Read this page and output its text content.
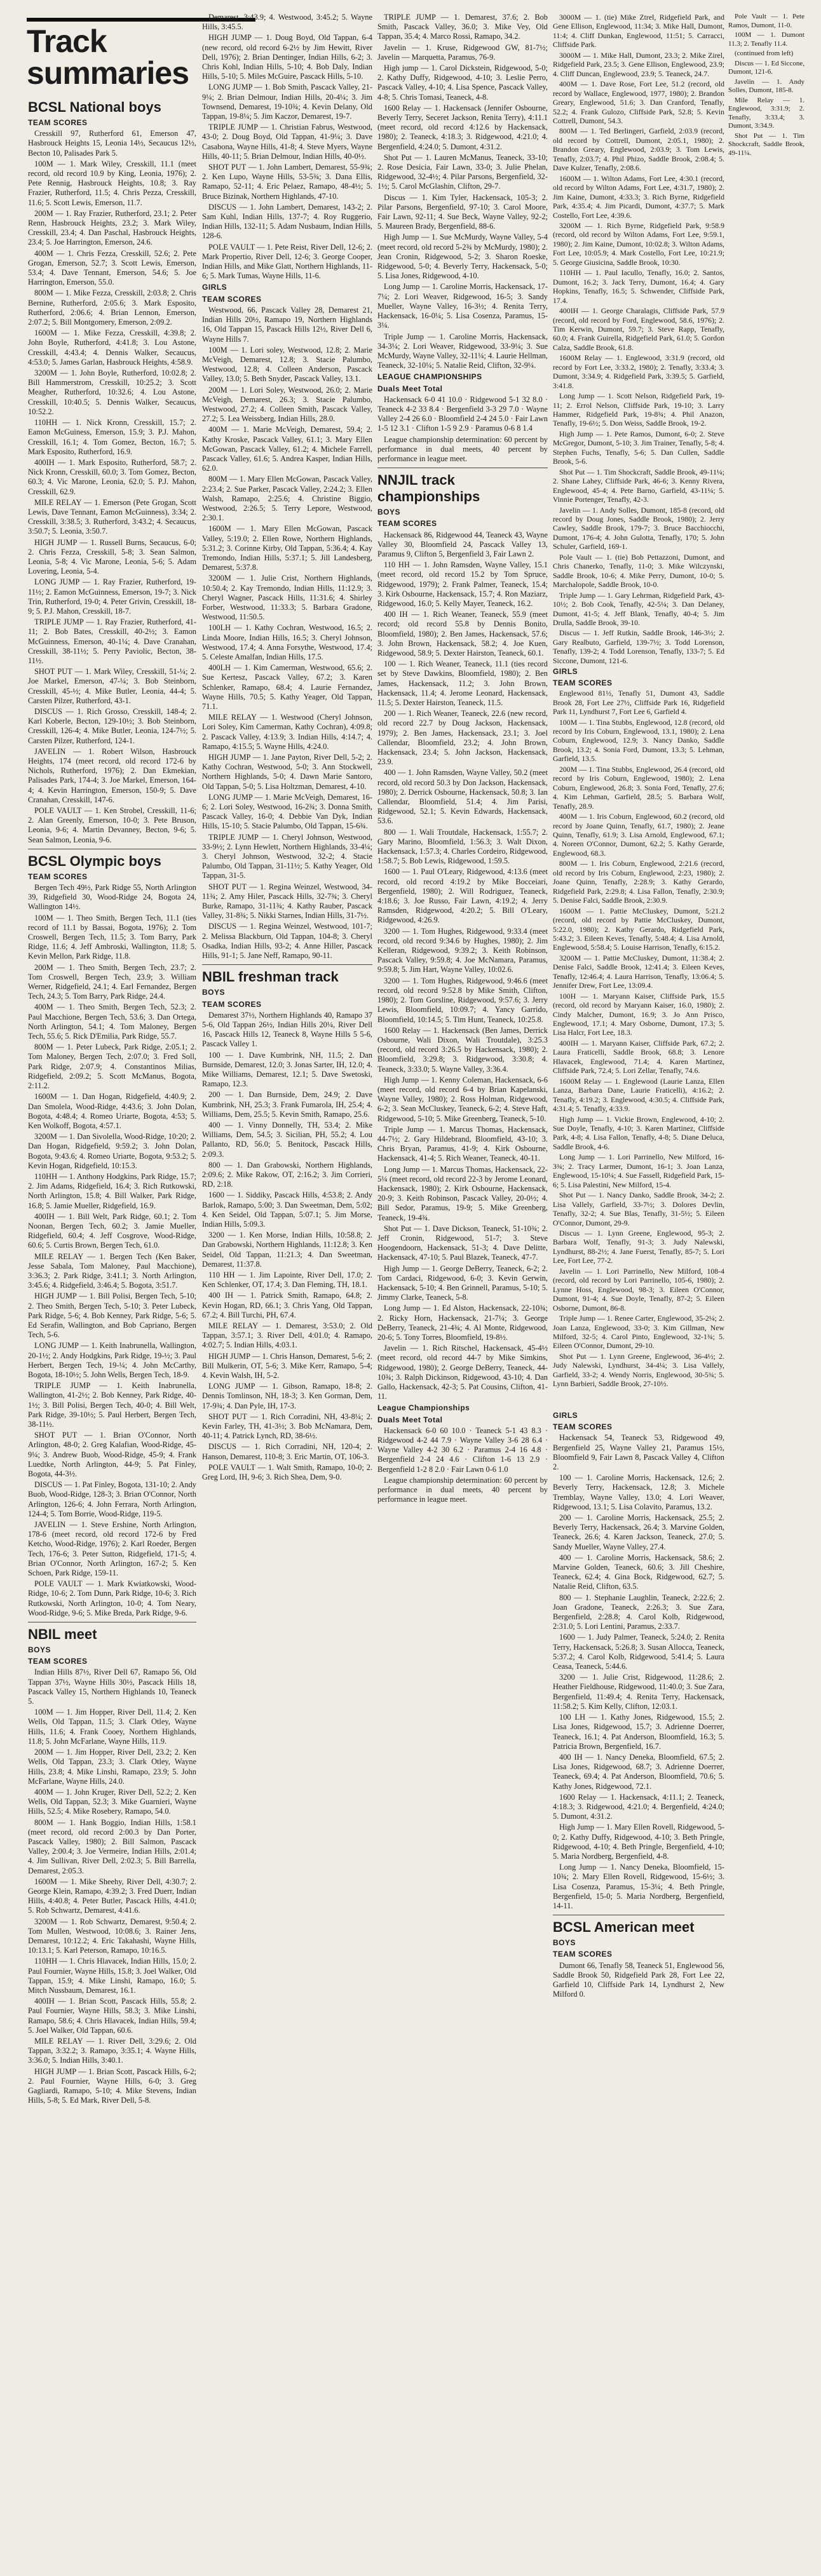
Track summaries
BCSL National boys
TEAM SCORES

Cresskill 97, Rutherford 61, Emerson 47, Hasbrouck Heights 15, Leonia 14½, Secaucus 12½, Becton 10, Palisades Park 5.

100M — 1. Mark Wiley, Cresskill, 11.1 (meet record, old record 10.9 by King, Leonia, 1976); 2. Pete Rennig, Hasbrouck Heights, 10.8; 3. Ray Frazier, Rutherford, 11.5; 4. Chris Pezza, Cresskill, 11.6; 5. Scott Lewis, Emerson, 11.7.

200M — 1. Ray Frazier, Rutherford, 23.1; 2. Peter Renn, Hasbrouck Heights, 23.2; 3. Mark Wiley, Cresskill, 23.4; 4. Dan Paschal, Hasbrouck Heights, 23.4; 5. Joe Harrington, Emerson, 24.6.

400M — 1. Chris Fezza, Cresskill, 52.6; 2. Pete Grogan, Emerson, 52.7; 3. Scott Lewis, Emerson, 53.4; 4. Dave Tennant, Emerson, 54.6; 5. Joe Harrington, Emerson, 55.0.

800M — 1. Mike Fezza, Cresskill, 2:03.8; 2. Chris Bernine, Rutherford, 2:05.6; 3. Mark Esposito, Rutherford, 2:06.6; 4. Brian Lennon, Emerson, 2:07.2; 5. Bill Montgomery, Emerson, 2:09.2.

1600M — 1. Mike Fezza, Cresskill, 4:39.8; 2. John Boyle, Rutherford, 4:41.8; 3. Lou Astone, Cresskill, 4:43.4; 4. Dennis Walker, Secaucus, 4:53.0; 5. James Garlan, Hasbrouck Heights, 4:58.9.

3200M — 1. John Boyle, Rutherford, 10:02.8; 2. Bill Hammerstrom, Cresskill, 10:25.2; 3. Scott Meagher, Rutherford, 10:32.6; 4. Lou Astone, Cresskill, 10:40.5; 5. Dennis Walker, Secaucus, 10:52.2.

110HH — 1. Nick Kronn, Cresskill, 15.7; 2. Eamon McGuiness, Emerson, 15.9; 3. P.J. Mahon, Cresskill, 16.1; 4. Tom Gomez, Becton, 16.7; 5. Mark Esposito, Rutherford, 16.9.

400IH — 1. Mark Esposito, Rutherford, 58.7; 2. Nick Kronn, Cresskill, 60.0; 3. Tom Gomez, Becton, 60.3; 4. Vic Marone, Leonia, 62.0; 5. P.J. Mahon, Cresskill, 62.9.

MILE RELAY — 1. Emerson (Pete Grogan, Scott Lewis, Dave Tennant, Eamon McGuinness), 3:34; 2. Cresskill, 3:38.5; 3. Rutherford, 3:43.2; 4. Secaucus, 3:50.7; 5. Leonia, 3:50.7.

HIGH JUMP — 1. Russell Burns, Secaucus, 6-0; 2. Chris Fezza, Cresskill, 5-8; 3. Sean Salmon, Leonia, 5-8; 4. Vic Marone, Leonia, 5-6; 5. Adam Lovering, Leonia, 5-4.

LONG JUMP — 1. Ray Frazier, Rutherford, 19-11½; 2. Eamon McGuinness, Emerson, 19-7; 3. Nick Trin, Rutherford, 19-0; 4. Peter Grivin, Cresskill, 18-9; 5. P.J. Mahon, Cresskill, 18-7.

TRIPLE JUMP — 1. Ray Frazier, Rutherford, 41-11; 2. Bob Bates, Cresskill, 40-2½; 3. Eamon McGuinness, Emerson, 40-1¼; 4. Dave Cranahan, Cresskill, 38-11½; 5. Perry Paviolic, Becton, 38-11½.

SHOT PUT — 1. Mark Wiley, Cresskill, 51-¼; 2. Joe Markel, Emerson, 47-¼; 3. Bob Steinborn, Cresskill, 45-½; 4. Mike Butler, Leonia, 44-4; 5. Carsten Pilzer, Rutherford, 43-1.

DISCUS — 1. Rich Grosso, Cresskill, 148-4; 2. Karl Koberle, Becton, 129-10½; 3. Bob Steinborn, Cresskill, 126-4; 4. Mike Butler, Leonia, 124-7½; 5. Carsten Pilzer, Rutherford, 124-1.

JAVELIN — 1. Robert Wilson, Hasbrouck Heights, 174 (meet record, old record 172-6 by Nichols, Rutherford, 1976); 2. Dan Ekmekian, Palisades Park, 174-4; 3. Joe Markel, Emerson, 164-4; 4. Kevin Harrington, Emerson, 150-9; 5. Dave Cranahan, Cresskill, 147-6.

POLE VAULT — 1. Ken Strobel, Cresskill, 11-6; 2. Alan Greenly, Emerson, 10-0; 3. Pete Bruson, Leonia, 9-6; 4. Martin Devanney, Becton, 9-6; 5. Sean Salmon, Leonia, 9-6.

BCSL Olympic boys
TEAM SCORES

Bergen Tech 49½, Park Ridge 55, North Arlington 39, Ridgefield 30, Wood-Ridge 24, Bogota 24, Wallington 14½.

100M — 1. Theo Smith, Bergen Tech, 11.1 (ties record of 11.1 by Bassai, Bogota, 1976); 2. Tom Croswell, Bergen Tech, 11.5; 3. Tom Barry, Park Ridge, 11.6; 4. Jeff Ambroski, Wallington, 11.8; 5. Kevin Mellon, Park Ridge, 11.8.

200M — 1. Theo Smith, Bergen Tech, 23.7; 2. Tom Croswell, Bergen Tech, 23.9; 3. William Werner, Ridgefield, 24.1; 4. Earl Fernandez, Bergen Tech, 24.3; 5. Tom Barry, Park Ridge, 24.4.

400M — 1. Theo Smith, Bergen Tech, 52.3; 2. Paul Macchione, Bergen Tech, 53.6; 3. Dan Ortega, North Arlington, 54.1; 4. Tom Maloney, Bergen Tech, 55.6; 5. Rick D'Emilia, Park Ridge, 55.7.

800M — 1. Peter Lubeck, Park Ridge, 2:05.1; 2. Tom Maloney, Bergen Tech, 2:07.0; 3. Fred Soll, Park Ridge, 2:07.9; 4. Constantinos Milias, Ridgefield, 2:09.2; 5. Scott McManus, Bogota, 2:11.2.

1600M — 1. Dan Hogan, Ridgefield, 4:40.9; 2. Dan Smolela, Wood-Ridge, 4:43.6; 3. John Dolan, Bogota, 4:48.4; 4. Romeo Uriarte, Bogota, 4:53; 5. Ken Wolkoff, Bogota, 4:57.1.

3200M — 1. Dan Sivolella, Wood-Ridge, 10:20; 2. Dan Hogan, Ridgefield, 9:59.2; 3. John Dolan, Bogota, 9:43.6; 4. Romeo Uriarte, Bogota, 9:53.2; 5. Kevin Hogan, Ridgefield, 10:15.3.

110HH — 1. Anthony Hodgkins, Park Ridge, 15.7; 2. Jim Adams, Ridgefield, 16.4; 3. Rich Rutkowski, North Arlington, 15.8; 4. Bill Walker, Park Ridge, 16.8; 5. Jamie Mueller, Ridgefield, 16.9.

400IH — 1. Bill Welt, Park Ridge, 60.1; 2. Tom Noonan, Bergen Tech, 60.2; 3. Jamie Mueller, Ridgefield, 60.4; 4. Jeff Cosgrove, Wood-Ridge, 60.6; 5. Curtis Brown, Bergen Tech, 61.0.

MILE RELAY — 1. Bergen Tech (Ken Baker, Jesse Sabala, Tom Maloney, Paul Macchione), 3:36.3; 2. Park Ridge, 3:41.1; 3. North Arlington, 3:45.6; 4. Ridgefield, 3:46.4; 5. Bogota, 3:51.7.

HIGH JUMP — 1. Bill Polisi, Bergen Tech, 5-10; 2. Theo Smith, Bergen Tech, 5-10; 3. Peter Lubeck, Park Ridge, 5-6; 4. Bob Kenney, Park Ridge, 5-6; 5. Ed Serafin, Wallington, and Bob Capriano, Bergen Tech, 5-6.

LONG JUMP — 1. Keith Inabrunella, Wallington, 20-1½; 2. Andy Hodgkins, Park Ridge, 19-½; 3. Paul Herbert, Bergen Tech, 19-¼; 4. John McCarthy, Bogota, 18-10½; 5. John Wells, Bergen Tech, 18-9.

TRIPLE JUMP — 1. Keith Inabrunella, Wallington, 41-2½; 2. Bob Kenney, Park Ridge, 40-1½; 3. Bill Polisi, Bergen Tech, 40-0; 4. Bill Welt, Park Ridge, 39-10½; 5. Paul Herbert, Bergen Tech, 38-11½.

SHOT PUT — 1. Brian O'Connor, North Arlington, 48-0; 2. Greg Kalafian, Wood-Ridge, 45-9¼; 3. Andrew Buob, Wood-Ridge, 45-9; 4. Frank Luedtke, North Arlington, 44-9; 5. Pat Finley, Bogota, 44-3½.

DISCUS — 1. Pat Finley, Bogota, 131-10; 2. Andy Buob, Wood-Ridge, 128-3; 3. Brian O'Connor, North Arlington, 126-6; 4. John Ferrara, North Arlington, 124-4; 5. Tom Borrie, Wood-Ridge, 119-5.

JAVELIN — 1. Steve Ershine, North Arlington, 178-6 (meet record, old record 172-6 by Fred Ketcho, Wood-Ridge, 1976); 2. Karl Roeder, Bergen Tech, 176-6; 3. Peter Sutton, Ridgefield, 171-5; 4. Brian O'Connor, North Arlington, 167-2; 5. Ken Schoen, Park Ridge, 159-11.

POLE VAULT — 1. Mark Kwiatkowski, Wood-Ridge, 10-6; 2. Tom Dunn, Park Ridge, 10-6; 3. Rich Rutkowski, North Arlington, 10-0; 4. Tom Neary, Wood-Ridge, 9-6; 5. Mike Breda, Park Ridge, 9-6.

NBIL meet
BOYS
TEAM SCORES

Indian Hills 87½, River Dell 67, Ramapo 56, Old Tappan 37½, Wayne Hills 30½, Pascack Hills 18, Pascack Valley 15, Northern Highlands 10, Teaneck 5.

100M — 1. Jim Hopper, River Dell, 11.4; 2. Ken Wells, Old Tappan, 11.5; 3. Clark Otley, Wayne Hills, 11.6; 4. Frank Cooey, Northern Highlands, 11.8; 5. John McFarlane, Wayne Hills, 11.9.

200M — 1. Jim Hopper, River Dell, 23.2; 2. Ken Wells, Old Tappan, 23.3; 3. Clark Otley, Wayne Hills, 23.8; 4. Mike Linshi, Ramapo, 23.9; 5. John McFarlane, Wayne Hills, 24.0.

400M — 1. John Kruger, River Dell, 52.2; 2. Ken Wells, Old Tappan, 52.3; 3. Mike Guarnieri, Wayne Hills, 52.5; 4. Mike Rosebery, Ramapo, 54.0.

800M — 1. Hank Boggio, Indian Hills, 1:58.1 (meet record, old record 2:00.3 by Dan Porter, Pascack Valley, 1980); 2. Bill Salmon, Pascack Valley, 2:00.4; 3. Joe Vermeire, Indian Hills, 2:01.4; 4. Jim Sullivan, River Dell, 2:02.3; 5. Bill Barrella, Demarest, 2:05.3.

1600M — 1. Mike Sheehy, River Dell, 4:30.7; 2. George Klein, Ramapo, 4:39.2; 3. Fred Duerr, Indian Hills, 4:40.8; 4. Peter Butler, Pascack Hills, 4:41.0; 5. Rob Schwartz, Demarest, 4:41.6.

3200M — 1. Rob Schwartz, Demarest, 9:50.4; 2. Tom Mullen, Westwood, 10:08.6; 3. Rainer Jens, Demarest, 10:12.2; 4. Eric Takahashi, Wayne Hills, 10:13.1; 5. Karl Peterson, Ramapo, 10:16.5.

110HH — 1. Chris Hlavacek, Indian Hills, 15.0; 2. Paul Fournier, Wayne Hills, 15.8; 3. Joel Walker, Old Tappan, 15.9; 4. Mike Linshi, Ramapo, 16.0; 5. Mitch Nussbaum, Demarest, 16.1.

400IH — 1. Brian Scott, Pascack Hills, 55.8; 2. Paul Fournier, Wayne Hills, 58.3; 3. Mike Linshi, Ramapo, 58.6; 4. Chris Hlavacek, Indian Hills, 59.4; 5. Joel Walker, Old Tappan, 60.6.

MILE RELAY — 1. River Dell, 3:29.6; 2. Old Tappan, 3:32.2; 3. Ramapo, 3:35.1; 4. Wayne Hills, 3:36.0; 5. Indian Hills, 3:40.1.

HIGH JUMP — 1. Brian Scott, Pascack Hills, 6-2; 2. Paul Fournier, Wayne Hills, 6-0; 3. Greg Gagliardi, Ramapo, 5-10; 4. Mike Stevens, Indian Hills, 5-8; 5. Ed Mark, River Dell, 5-8.

Demarest, 3:43.9; 4. Westwood, 3:45.2; 5. Wayne Hills, 3:45.5.

HIGH JUMP — 1. Doug Boyd, Old Tappan, 6-4 (new record, old record 6-2½ by Jim Hewitt, River Dell, 1976); 2. Brian Dentinger, Indian Hills, 6-2; 3. Chris Kohl, Indian Hills, 5-10; 4. Bob Daly, Indian Hills, 5-10; 5. Miles McGuire, Pascack Hills, 5-10.

LONG JUMP — 1. Bob Smith, Pascack Valley, 21-9¼; 2. Brian Delmour, Indian Hills, 20-4¼; 3. Jim Townsend, Demarest, 19-10¾; 4. Kevin Delany, Old Tappan, 19-8¼; 5. Jim Kaczor, Demarest, 19-7.

TRIPLE JUMP — 1. Christian Fabrus, Westwood, 43-0; 2. Doug Boyd, Old Tappan, 41-9¼; 3. Dave Casabona, Wayne Hills, 41-8; 4. Steve Myers, Wayne Hills, 40-11; 5. Brian Delmour, Indian Hills, 40-0½.

SHOT PUT — 1. John Lambert, Demarest, 55-9¾; 2. Ken Lupo, Wayne Hills, 53-5¾; 3. Dana Ellis, Ramapo, 52-11; 4. Eric Pelaez, Ramapo, 48-4½; 5. Bruce Bizinak, Northern Highlands, 47-10.

DISCUS — 1. John Lambert, Demarest, 143-2; 2. Sam Kuhl, Indian Hills, 137-7; 4. Roy Ruggerio, Indian Hills, 132-11; 5. Adam Nusbaum, Indian Hills, 128-6.

POLE VAULT — 1. Pete Reist, River Dell, 12-6; 2. Mark Propertio, River Dell, 12-6; 3. George Cooper, Indian Hills, and Mike Glatt, Northern Highlands, 11-6; 5. Mark Tumas, Wayne Hills, 11-6.

GIRLS
TEAM SCORES

Westwood, 66, Pascack Valley 28, Demarest 21, Indian Hills 20½, Ramapo 19, Northern Highlands 16, Old Tappan 15, Pascack Hills 12½, River Dell 6, Wayne Hills 7.

100M — 1. Lori soley, Westwood, 12.8; 2. Marie McVeigh, Demarest, 12.8; 3. Stacie Palumbo, Westwood, 12.8; 4. Colleen Anderson, Pascack Valley, 13.0; 5. Beth Snyder, Pascack Valley, 13.1.

200M — 1. Lori Soley, Westwood, 26.0; 2. Marie McVeigh, Demarest, 26.3; 3. Stacie Palumbo, Westwood, 27.2; 4. Colleen Smith, Pascack Valley, 27.2; 5. Lea Weissberg, Indian Hills, 28.0.

400M — 1. Marie McVeigh, Demarest, 59.4; 2. Kathy Kroske, Pascack Valley, 61.1; 3. Mary Ellen McGowan, Pascack Valley, 61.2; 4. Michele Farrell, Pascack Valley, 61.6; 5. Andrea Kasper, Indian Hills, 62.0.

800M — 1. Mary Ellen McGowan, Pascack Valley, 2:23.4; 2. Sue Parker, Pascack Valley, 2:24.2; 3. Ellen Walsh, Ramapo, 2:25.6; 4. Christine Biggio, Westwood, 2:26.5; 5. Terry Lepore, Westwood, 2:30.1.

1600M — 1. Mary Ellen McGowan, Pascack Valley, 5:19.0; 2. Ellen Rowe, Northern Highlands, 5:31.2; 3. Corinne Kirby, Old Tappan, 5:36.4; 4. Kay Tremondo, Indian Hills, 5:37.1; 5. Jill Landesberg, Demarest, 5:37.8.

3200M — 1. Julie Crist, Northern Highlands, 10:50.4; 2. Kay Tremondo, Indian Hills, 11:12.9; 3. Cheryl Wagner, Pascack Hills, 11:31.6; 4. Shirley Forber, Westwood, 11:33.3; 5. Barbara Gradone, Westwood, 11:50.5.

100LH — 1. Kathy Cochran, Westwood, 16.5; 2. Linda Moore, Indian Hills, 16.5; 3. Cheryl Johnson, Westwood, 17.4; 4. Anna Forsythe, Westwood, 17.4; 5. Celeste Amalfan, Indian Hills, 17.5.

400LH — 1. Kim Camerman, Westwood, 65.6; 2. Sue Kertesz, Pascack Valley, 67.2; 3. Karen Schlenker, Ramapo, 68.4; 4. Laurie Fernandez, Wayne Hills, 70.5; 5. Kathy Yeager, Old Tappan, 71.1.

MILE RELAY — 1. Westwood (Cheryl Johnson, Lori Soley, Kim Camerman, Kathy Cochran), 4:09.8; 2. Pascack Valley, 4:13.9; 3. Indian Hills, 4:14.7; 4. Ramapo, 4:15.5; 5. Wayne Hills, 4:24.0.

HIGH JUMP — 1. Jane Payton, River Dell, 5-2; 2. Kathy Cochran, Westwood, 5-0; 3. Ann Stockwell, Northern Highlands, 5-0; 4. Dawn Marie Santoro, Old Tappan, 5-0; 5. Lisa Holtzman, Demarest, 4-10.

LONG JUMP — 1. Marie McVeigh, Demarest, 16-6; 2. Lori Soley, Westwood, 16-2¾; 3. Donna Smith, Pascack Valley, 16-0; 4. Debbie Van Dyk, Indian Hills, 15-10; 5. Stacie Palumbo, Old Tappan, 15-6¾.

TRIPLE JUMP — 1. Cheryl Johnson, Westwood, 33-9½; 2. Lynn Hewlett, Northern Highlands, 33-4¼; 3. Cheryl Johnson, Westwood, 32-2; 4. Stacie Palumbo, Old Tappan, 31-11½; 5. Kathy Yeager, Old Tappan, 31-5.

SHOT PUT — 1. Regina Weinzel, Westwood, 34-11¾; 2. Amy Hiler, Pascack Hills, 32-7¾; 3. Cheryl Burke, Ramapo, 31-11¾; 4. Kathy Rauber, Pascack Valley, 31-8¾; 5. Nikki Starnes, Indian Hills, 31-7½.

DISCUS — 1. Regina Weinzel, Westwood, 101-7; 2. Melissa Blackburn, Old Tappan, 104-8; 3. Cheryl Osadka, Indian Hills, 93-2; 4. Anne Hiller, Pascack Hills, 91-1; 5. Jane Neff, Ramapo, 90-11.

NBIL freshman track
BOYS
TEAM SCORES

Demarest 37½, Northern Highlands 40, Ramapo 37 5-6, Old Tappan 26½, Indian Hills 20¼, River Dell 16, Pascack Hills 12, Teaneck 8, Wayne Hills 5 5-6, Pascack Valley 1.

100 — 1. Dave Kumbrink, NH, 11.5; 2. Dan Burnside, Demarest, 12.0; 3. Jonas Sarter, IH, 12.0; 4. Mike Williams, Demarest, 12.1; 5. Dave Swetoski, Ramapo, 12.3.

200 — 1. Dan Burnside, Dem, 24.9; 2. Dave Kumbrink, NH, 25.3; 3. Frank Fumarola, IH, 25.4; 4. Williams, Dem, 25.5; 5. Kevin Smith, Ramapo, 25.6.

400 — 1. Vinny Donnelly, TH, 53.4; 2. Mike Williams, Dem, 54.5; 3. Sicilian, PH, 55.2; 4. Lou Pallanto, RD, 56.0; 5. Benitock, Pascack Hills, 2:09.3.

800 — 1. Dan Grabowski, Northern Highlands, 2:09.6; 2. Mike Rakow, OT, 2:16.2; 3. Jim Corrieri, RD, 2:18.

1600 — 1. Siddiky, Pascack Hills, 4:53.8; 2. Andy Barlok, Ramapo, 5:00; 3. Dan Sweetman, Dem, 5:02; 4. Ken Seidel, Old Tappan, 5:07.1; 5. Jim Morse, Indian Hills, 5:09.3.

3200 — 1. Ken Morse, Indian Hills, 10:58.8; 2. Dan Grabowski, Northern Highlands, 11:12.8; 3. Ken Seidel, Old Tappan, 11:21.3; 4. Dan Sweetman, Demarest, 11:37.8.

110 HH — 1. Jim Lapointe, River Dell, 17.0; 2. Ken Schlenker, OT, 17.4; 3. Dan Fleming, TH, 18.1.

400 IH — 1. Patrick Smith, Ramapo, 64.8; 2. Kevin Hogan, RD, 66.1; 3. Chris Yang, Old Tappan, 67.2; 4. Bill Turchi, PH, 67.4.

MILE RELAY — 1. Demarest, 3:53.0; 2. Old Tappan, 3:57.1; 3. River Dell, 4:01.0; 4. Ramapo, 4:02.7; 5. Indian Hills, 4:03.1.

HIGH JUMP — 1. Chris Hanson, Demarest, 5-6; 2. Bill Mulkerin, OT, 5-6; 3. Mike Kerr, Ramapo, 5-4; 4. Kevin Walsh, IH, 5-2.

LONG JUMP — 1. Gibson, Ramapo, 18-8; 2. Dennis Tomlinson, NH, 18-3; 3. Ken Gorman, Dem, 17-9¾; 4. Dan Pyle, IH, 17-3.

SHOT PUT — 1. Rich Corradini, NH, 43-8¼; 2. Kevin Farley, TH, 41-3½; 3. Bob McNamara, Dem, 40-11; 4. Patrick Lynch, RD, 38-6½.

DISCUS — 1. Rich Corradini, NH, 120-4; 2. Hanson, Demarest, 110-8; 3. Eric Martin, OT, 106-3.

POLE VAULT — 1. Walt Smith, Ramapo, 10-0; 2. Greg Lord, IH, 9-6; 3. Rich Shea, Dem, 9-0.

TRIPLE JUMP — 1. Demarest, 37.6; 2. Bob Smith, Pascack Valley, 36.0; 3. Mike Vey, Old Tappan, 35.4; 4. Marco Rossi, Ramapo, 34.2.

Javelin — 1. Kruse, Ridgewood GW, 81-7½; Javelin — Marquetta, Paramus, 76-9.

High jump — 1. Carol Dickstein, Ridgewood, 5-0; 2. Kathy Duffy, Ridgewood, 4-10; 3. Leslie Perro, Pascack Valley, 4-10; 4. Lisa Spence, Pascack Valley, 4-8; 5. Chris Tomasi, Teaneck, 4-8.

1600 Relay — 1. Hackensack (Jennifer Osbourne, Beverly Terry, Seceret Jackson, Renita Terry), 4:11.1 (meet record, old record 4:12.6 by Hackensack, 1980); 2. Teaneck, 4:18.3; 3. Ridgewood, 4:21.0; 4. Bergenfield, 4:24.0; 5. Dumont, 4:31.2.

Shot Put — 1. Lauren McManus, Teaneck, 33-10; 2. Rose Desicia, Fair Lawn, 33-0; 3. Julie Phelan, Ridgewood, 32-4½; 4. Pilar Parsons, Bergenfield, 32-1½; 5. Carol McGlashin, Clifton, 29-7.

Discus — 1. Kim Tyler, Hackensack, 105-3; 2. Pilar Parsons, Bergenfield, 97-10; 3. Carol Moore, Fair Lawn, 92-11; 4. Sue Beck, Wayne Valley, 92-2; 5. Maureen Brady, Bergenfield, 88-6.

High Jump — 1. Sue McMurdy, Wayne Valley, 5-4 (meet record, old record 5-2¾ by McMurdy, 1980); 2. Jean Cronin, Ridgewood, 5-2; 3. Sharon Roeske, Ridgewood, 5-0; 4. Beverly Terry, Hackensack, 5-0; 5. Lisa Jones, Ridgewood, 4-10.

Long Jump — 1. Caroline Morris, Hackensack, 17-7¼; 2. Lori Weaver, Ridgewood, 16-5; 3. Sandy Mueller, Wayne Valley, 16-3½; 4. Renita Terry, Hackensack, 16-0¼; 5. Lisa Cosenza, Paramus, 15-3¼.

Triple Jump — 1. Caroline Morris, Hackensack, 34-3¼; 2. Lori Weaver, Ridgewood, 33-9¼; 3. Sue McMurdy, Wayne Valley, 32-11¼; 4. Laurie Hellman, Teaneck, 32-10¼; 5. Natalie Reid, Clifton, 32-9¼.

LEAGUE CHAMPIONSHIPS
Duals Meet Total

Hackensack 6-0 41 10.0 · Ridgewood 5-1 32 8.0 · Teaneck 4-2 33 8.4 · Bergenfield 3-3 29 7.0 · Wayne Valley 2-4 26 6.0 · Bloomfield 2-4 24 5.0 · Fair Lawn 1-5 12 3.1 · Clifton 1-5 9 2.9 · Paramus 0-6 8 1.4

League championship determination: 60 percent by performance in dual meets, 40 percent by performance in league meet.

NNJIL track championships
BOYS
TEAM SCORES

Hackensack 86, Ridgewood 44, Teaneck 43, Wayne Valley 30, Bloomfield 24, Pascack Valley 13, Paramus 9, Clifton 5, Bergenfield 3, Fair Lawn 2.

110 HH — 1. John Ramsden, Wayne Valley, 15.1 (meet record, old record 15.2 by Tom Spruce, Ridgewood, 1979); 2. Frank Palmer, Teaneck, 15.4; 3. Kirk Osbourne, Hackensack, 15.7; 4. Ron Maziarz, Ridgewood, 16.0; 5. Kelly Mayer, Teaneck, 16.2.

400 IH — 1. Rich Weaner, Teaneck, 55.9 (meet record; old record 55.8 by Dennis Bonito, Bloomfield, 1980); 2. Ben James, Hackensack, 57.6; 3. John Brown, Hackensack, 58.2; 4. Joe Kuen, Ridgewood, 58.9; 5. Dexter Hairston, Teaneck, 60.1.

100 — 1. Rich Weaner, Teaneck, 11.1 (ties record set by Steve Dawkins, Bloomfield, 1980); 2. Ben James, Hackensack, 11.2; 3. John Brown, Hackensack, 11.4; 4. Jerome Leonard, Hackensack, 11.5; 5. Dexter Hairston, Teaneck, 11.5.

200 — 1. Rich Weaner, Teaneck, 22.6 (new record, old record 22.7 by Doug Jackson, Hackensack, 1979); 2. Ben James, Hackensack, 23.1; 3. Joel Callendar, Bloomfield, 23.2; 4. John Brown, Hackensack, 23.4; 5. John Jackson, Hackensack, 23.9.

400 — 1. John Ramsden, Wayne Valley, 50.2 (meet record, old record 50.3 by Don Jackson, Hackensack, 1980); 2. Derrick Osbourne, Hackensack, 50.8; 3. Ian Callendar, Bloomfield, 51.4; 4. Jim Parisi, Ridgewood, 52.1; 5. Kevin Edwards, Hackensack, 53.6.

800 — 1. Wali Troutdale, Hackensack, 1:55.7; 2. Gary Marino, Bloomfield, 1:56.3; 3. Walt Dixon, Hackensack, 1:57.3; 4. Charles Cordeiro, Ridgewood, 1:58.7; 5. Bob Lewis, Ridgewood, 1:59.5.

1600 — 1. Paul O'Leary, Ridgewood, 4:13.6 (meet record, old record 4:19.2 by Mike Bocceiari, Bergenfield, 1980); 2. Will Rodriguez, Teaneck, 4:18.6; 3. Joe Russo, Fair Lawn, 4:19.2; 4. Jerry Ramsden, Ridgewood, 4:20.2; 5. Bill O'Leary, Ridgewood, 4:26.9.

3200 — 1. Tom Hughes, Ridgewood, 9:33.4 (meet record, old record 9:34.6 by Hughes, 1980); 2. Jim Kelleran, Ridgewood, 9:39.2; 3. Keith Robinson, Pascack Valley, 9:59.8; 4. Joe McNamara, Paramus, 9:59.8; 5. Jim Hart, Wayne Valley, 10:02.6.

3200 — 1. Tom Hughes, Ridgewood, 9:46.6 (meet record, old record 9:52.8 by Mike Smith, Clifton, 1980); 2. Tom Gorsline, Ridgewood, 9:57.6; 3. Jerry Lewis, Bloomfield, 10:09.7; 4. Yancy Garrido, Bloomfield, 10:14.5; 5. Tim Hunt, Teaneck, 10:25.8.

1600 Relay — 1. Hackensack (Ben James, Derrick Osbourne, Wali Dixon, Wali Troutdale), 3:25.3 (record, old record 3:26.5 by Hackensack, 1980); 2. Bloomfield, 3:29.8; 3. Ridgewood, 3:30.8; 4. Teaneck, 3:33.0; 5. Wayne Valley, 3:36.4.

High Jump — 1. Kenny Coleman, Hackensack, 6-6 (meet record, old record 6-4 by Brian Kapelanski, Wayne Valley, 1980); 2. Ross Holman, Ridgewood, 6-2; 3. Sean McCluskey, Teaneck, 6-2; 4. Steve Haft, Ridgewood, 5-10; 5. Mike Greenberg, Teaneck, 5-10.

Triple Jump — 1. Marcus Thomas, Hackensack, 44-7½; 2. Gary Hildebrand, Bloomfield, 43-10; 3. Chris Bryan, Paramus, 41-9; 4. Kirk Osbourne, Hackensack, 41-4; 5. Rich Weaner, Teaneck, 40-11.

Long Jump — 1. Marcus Thomas, Hackensack, 22-5¼ (meet record, old record 22-3 by Jerome Leonard, Hackensack, 1980); 2. Kirk Osbourne, Hackensack, 20-9; 3. Keith Robinson, Pascack Valley, 20-0½; 4. Bill Sedor, Paramus, 19-9; 5. Mike Greenberg, Teaneck, 19-4¾.

Shot Put — 1. Dave Dickson, Teaneck, 51-10¾; 2. Jeff Cronin, Ridgewood, 51-7; 3. Steve Hoogendoorn, Hackensack, 51-3; 4. Dave Delitte, Hackensack, 47-10; 5. Paul Blazek, Teaneck, 47-7.

High Jump — 1. George DeBerry, Teaneck, 6-2; 2. Tom Cardaci, Ridgewood, 6-0; 3. Kevin Gerwin, Hackensack, 5-10; 4. Ben Grinnell, Paramus, 5-10; 5. Jimmy Clarke, Teaneck, 5-8.

Long Jump — 1. Ed Alston, Hackensack, 22-10¾; 2. Ricky Horn, Hackensack, 21-7¼; 3. George DeBerry, Teaneck, 21-4¾; 4. Al Monte, Ridgewood, 20-6; 5. Tony Torres, Bloomfield, 19-8½.

Javelin — 1. Rich Ritschel, Hackensack, 45-4½ (meet record, old record 44-7 by Mike Simkins, Ridgewood, 1980); 2. George DeBerry, Teaneck, 44-10¾; 3. Ralph Dickinson, Ridgewood, 43-10; 4. Dan Gallo, Hackensack, 42-3; 5. Pat Cousins, Clifton, 41-11.

League Championships
Duals Meet Total

Hackensack 6-0 60 10.0 · Teaneck 5-1 43 8.3 · Ridgewood 4-2 44 7.9 · Wayne Valley 3-6 28 6.4 · Wayne Valley 4-2 30 6.2 · Paramus 2-4 16 4.8 · Bergenfield 2-4 24 4.6 · Clifton 1-6 13 2.9 · Bergenfield 1-2 8 2.0 · Fair Lawn 0-6 1.0

League championship determination: 60 percent by performance in dual meets, 40 percent by performance in league meet.

3000M — 1. (tie) Mike Ztrel, Ridgefield Park, and Gene Ellison, Englewood, 11:34; 3. Mike Hall, Dumont, 11:4; 4. Cliff Dunkan, Englewood, 11:51; 5. Carracci, Cliffside Park.

3000M — 1. Mike Hall, Dumont, 23.3; 2. Mike Zirel, Ridgefield Park, 23.5; 3. Gene Ellison, Englewood, 23.9; 4. Cliff Duncan, Englewood, 23.9; 5. Teaneck, 24.7.

400M — 1. Dave Rose, Fort Lee, 51.2 (record, old record by Wallace, Englewood, 1977, 1980); 2. Brandon Greary, Englewood, 51.6; 3. Dan Cranford, Tenafly, 52.2; 4. Frank Gulozo, Cliffside Park, 52.8; 5. Kevin Cottrell, Dumont, 54.3.

800M — 1. Ted Berlingeri, Garfield, 2:03.9 (record, old record by Cottrell, Dumont, 2:05.1, 1980); 2. Brandon Greary, Englewood, 2:03.9; 3. Tom Lewis, Tenafly, 2:03.7; 4. Phil Phizo, Saddle Brook, 2:08.4; 5. Dave Kulzer, Tenafly, 2:08.6.

1600M — 1. Wilton Adams, Fort Lee, 4:30.1 (record, old record by Wilton Adams, Fort Lee, 4:31.7, 1980); 2. Jim Kaine, Dumont, 4:33.3; 3. Rich Byrne, Ridgefield Park, 4:35.4; 4. Jim Picardi, Dumont, 4:37.7; 5. Mark Costello, Fort Lee, 4:39.6.

3200M — 1. Rich Byrne, Ridgefield Park, 9:58.9 (record, old record by Wilton Adams, Fort Lee, 9:59.1, 1980); 2. Jim Kaine, Dumont, 10:02.8; 3. Wilton Adams, Fort Lee, 10:05.9; 4. Mark Costello, Fort Lee, 10:21.9; 5. George Giusicina, Saddle Brook, 10:30.

110HH — 1. Paul Iacullo, Tenafly, 16.0; 2. Santos, Dumont, 16.2; 3. Jack Terry, Dumont, 16.4; 4. Gary Hopkins, Tenafly, 16.5; 5. Schwender, Cliffside Park, 17.4.

400IH — 1. George Charalagis, Cliffside Park, 57.9 (record, old record by Ford, Englewood, 58.6, 1976); 2. Tim Kerwin, Dumont, 59.7; 3. Steve Rapp, Tenafly, 60.0; 4. Frank Guirella, Ridgefield Park, 61.0; 5. Gordon Calza, Saddle Brook, 61.8.

1600M Relay — 1. Englewood, 3:31.9 (record, old record by Fort Lee, 3:33.2, 1980); 2. Tenafly, 3:33.4; 3. Dumont, 3:34.9; 4. Ridgefield Park, 3:39.5; 5. Garfield, 3:41.8.

Long Jump — 1. Scott Nelson, Ridgefield Park, 19-11; 2. Errol Nelson, Cliffside Park, 19-10; 3. Larry Hammer, Ridgefield Park, 19-8¾; 4. Phil Anazon, Tenafly, 19-6½; 5. Don Weiss, Saddle Brook, 19-2.

High Jump — 1. Pete Ramos, Dumont, 6-0; 2. Steve McGregor, Dumont, 5-10; 3. Jim Trainer, Tenafly, 5-8; 4. Stephen Fuchs, Tenafly, 5-6; 5. Dan Cullen, Saddle Brook, 5-6.

Shot Put — 1. Tim Shockcraft, Saddle Brook, 49-11¼; 2. Shane Lahey, Cliffside Park, 46-6; 3. Kenny Rivera, Englewood, 45-4; 4. Pete Barno, Garfield, 43-11¼; 5. Vinnie Portenger, Tenafly, 42-3.

Javelin — 1. Andy Solles, Dumont, 185-8 (record, old record by Doug Jones, Saddle Brook, 1980); 2. Jerry Cawley, Saddle Brook, 179-7; 3. Bruce Bacchiocchi, Dumont, 176-4; 4. John Gulotta, Tenafly, 170; 5. John Schuler, Garfield, 169-1.

Pole Vault — 1. (tie) Bob Pettazzoni, Dumont, and Chris Chanerko, Tenafly, 11-0; 3. Mike Wilczynski, Saddle Brook, 10-6; 4. Mike Perry, Dumont, 10-0; 5. Marchalopole, Saddle Brook, 10-0.

Triple Jump — 1. Gary Lehrman, Ridgefield Park, 43-10½; 2. Bob Cook, Tenafly, 42-5¼; 3. Dan Delaney, Dumont, 41-5; 4. Jeff Blank, Tenafly, 40-4; 5. Jim Drulla, Saddle Brook, 39-10.

Discus — 1. Jeff Rutkin, Saddle Brook, 146-3½; 2. Gary Realbuto, Garfield, 139-7½; 3. Todd Lorenson, Tenafly, 139-2; 4. Todd Lorenson, Tenafly, 133-7; 5. Ed Siccone, Dumont, 121-6.

GIRLS
TEAM SCORES

Englewood 81½, Tenafly 51, Dumont 43, Saddle Brook 28, Fort Lee 27½, Cliffside Park 16, Ridgefield Park 11, Lyndhurst 7, Fort Lee 6, Garfield 4.

100M — 1. Tina Stubbs, Englewood, 12.8 (record, old record by Iris Coburn, Englewood, 13.1, 1980); 2. Lena Coburn, Englewood, 12.9; 3. Nancy Danko, Saddle Brook, 13.2; 4. Sonia Ford, Dumont, 13.3; 5. Lehman, Garfield, 13.5.

200M — 1. Tina Stubbs, Englewood, 26.4 (record, old record by Iris Coburn, Englewood, 1980); 2. Lena Coburn, Englewood, 26.8; 3. Sonia Ford, Tenafly, 27.6; 4. Kim Lehman, Garfield, 28.5; 5. Barbara Wolf, Tenafly, 28.9.

400M — 1. Iris Coburn, Englewood, 60.2 (record, old record by Joane Quinn, Tenafly, 61.7, 1980); 2. Jeane Quinn, Tenafly, 61.9; 3. Lisa Arnold, Englewood, 67.1; 4. Noreen O'Connor, Dumont, 62.2; 5. Kathy Gerarde, Englewood, 68.3.

800M — 1. Iris Coburn, Englewood, 2:21.6 (record, old record by Iris Coburn, Englewood, 2:23, 1980); 2. Joane Quinn, Tenafly, 2:28.9; 3. Kathy Gerardo, Ridgefield Park, 2:29.8; 4. Lisa Fallon, Tenafly, 2:30.9; 5. Denise Falci, Saddle Brook, 2:30.9.

1600M — 1. Pattie McCluskey, Dumont, 5:21.2 (record, old record by Pattie McCluskey, Dumont, 5:22.0, 1980); 2. Kathy Gerardo, Ridgefield Park, 5:43.2; 3. Eileen Keves, Tenafly, 5:48.4; 4. Lisa Arnold, Englewood, 5:58.4; 5. Louise Harrison, Tenafly, 6:15.2.

3200M — 1. Pattie McCluskey, Dumont, 11:38.4; 2. Denise Falci, Saddle Brook, 12:41.4; 3. Eileen Keves, Tenafly, 12:46.4; 4. Laura Harrison, Tenafly, 13:06.4; 5. Jennifer Drew, Fort Lee, 13:09.4.

100H — 1. Maryann Kaiser, Cliffside Park, 15.5 (record, old record by Maryann Kaiser, 16.0, 1980); 2. Cindy Malcher, Dumont, 16.9; 3. Jo Ann Prisco, Englewood, 17.1; 4. Mary Osborne, Dumont, 17.3; 5. Lisa Halcr, Fort Lee, 18.3.

400IH — 1. Maryann Kaiser, Cliffside Park, 67.2; 2. Laura Fraticelli, Saddle Brook, 68.8; 3. Lenore Hlavacek, Englewood, 71.4; 4. Karen Martinez, Cliffside Park, 72.4; 5. Lori Zellar, Tenafly, 74.6.

1600M Relay — 1. Englewood (Laurie Lanza, Ellen Lanza, Barbara Dane, Laurie Fraticelli), 4:16.2; 2. Tenafly, 4:19.2; 3. Englewood, 4:30.5; 4. Cliffside Park, 4:31.4; 5. Tenafly, 4:33.9.

High Jump — 1. Vickie Brown, Englewood, 4-10; 2. Sue Doyle, Tenafly, 4-10; 3. Karen Martinez, Cliffside Park, 4-8; 4. Lisa Fallon, Tenafly, 4-8; 5. Diane Deluca, Saddle Brook, 4-6.

Long Jump — 1. Lori Parrinello, New Milford, 16-3¾; 2. Tracy Larmer, Dumont, 16-1; 3. Joan Lanza, Englewood, 15-10¼; 4. Sue Fassell, Ridgefield Park, 15-6; 5. Lisa Palestini, New Milford, 15-4.

Shot Put — 1. Nancy Danko, Saddle Brook, 34-2; 2. Lisa Vallely, Garfield, 33-7½; 3. Dolores Devlin, Tenafly, 32-2; 4. Sue Blas, Tenafly, 31-5½; 5. Eileen O'Connor, Dumont, 29-9.

Discus — 1. Lynn Greene, Englewood, 95-3; 2. Barbara Wolf, Tenafly, 91-3; 3. Judy Nalewski, Lyndhurst, 88-2½; 4. Jane Fuerst, Tenafly, 85-7; 5. Lori Lee, Fort Lee, 77-2.

Javelin — 1. Lori Parrinello, New Milford, 108-4 (record, old record by Lori Parrinello, 105-6, 1980); 2. Lynne Hoss, Englewood, 98-3; 3. Eileen O'Connor, Dumont, 91-4; 4. Sue Doyle, Tenafly, 87-2; 5. Eileen Osborne, Dumont, 86-8.

Triple Jump — 1. Renee Carter, Englewood, 35-2¼; 2. Joan Lanza, Englewood, 33-0; 3. Kim Gillman, New Milford, 32-5; 4. Carol Pinto, Englewood, 32-1¾; 5. Eileen O'Connor, Dumont, 29-10.

Shot Put — 1. Lynn Greene, Englewood, 36-4½; 2. Judy Nalewski, Lyndhurst, 34-4¼; 3. Lisa Vallely, Garfield, 33-2; 4. Wendy Norris, Englewood, 30-5¾; 5. Lynn Barbieri, Saddle Brook, 27-10½.

GIRLS
TEAM SCORES

Hackensack 54, Teaneck 53, Ridgewood 49, Bergenfield 25, Wayne Valley 21, Paramus 15½, Bloomfield 9, Fair Lawn 8, Pascack Valley 4, Clifton 2.

100 — 1. Caroline Morris, Hackensack, 12.6; 2. Beverly Terry, Hackensack, 12.8; 3. Michele Tremblay, Wayne Valley, 13.0; 4. Lori Weaver, Ridgewood, 13.1; 5. Lisa Colavito, Paramus, 13.2.

200 — 1. Caroline Morris, Hackensack, 25.5; 2. Beverly Terry, Hackensack, 26.4; 3. Marvine Golden, Teaneck, 26.6; 4. Karen Jackson, Teaneck, 27.0; 5. Sandy Mueller, Wayne Valley, 27.4.

400 — 1. Caroline Morris, Hackensack, 58.6; 2. Marvine Golden, Teaneck, 60.6; 3. Jill Cheshire, Teaneck, 62.4; 4. Gina Bock, Ridgewood, 62.7; 5. Natalie Reid, Clifton, 63.5.

800 — 1. Stephanie Laughlin, Teaneck, 2:22.6; 2. Joan Gradone, Teaneck, 2:26.3; 3. Sue Zara, Bergenfield, 2:28.8; 4. Carol Kolb, Ridgewood, 2:31.0; 5. Lori Lentini, Paramus, 2:33.7.

1600 — 1. Judy Palmer, Teaneck, 5:24.0; 2. Renita Terry, Hackensack, 5:26.8; 3. Susan Allocca, Teaneck, 5:37.2; 4. Carol Kolb, Ridgewood, 5:41.4; 5. Laura Ceasa, Teaneck, 5:44.6.

3200 — 1. Julie Crist, Ridgewood, 11:28.6; 2. Heather Fieldhouse, Ridgewood, 11:40.0; 3. Sue Zara, Bergenfield, 11:49.4; 4. Renita Terry, Hackensack, 11:58.2; 5. Kim Kelly, Clifton, 12:03.1.

100 LH — 1. Kathy Jones, Ridgewood, 15.5; 2. Lisa Jones, Ridgewood, 15.7; 3. Adrienne Doerrer, Teaneck, 16.1; 4. Pat Anderson, Bloomfield, 16.3; 5. Patricia Brown, Bergenfield, 16.7.

400 IH — 1. Nancy Deneka, Bloomfield, 67.5; 2. Lisa Jones, Ridgewood, 68.7; 3. Adrienne Doerrer, Teaneck, 69.4; 4. Pat Anderson, Bloomfield, 70.6; 5. Kathy Jones, Ridgewood, 72.1.

1600 Relay — 1. Hackensack, 4:11.1; 2. Teaneck, 4:18.3; 3. Ridgewood, 4:21.0; 4. Bergenfield, 4:24.0; 5. Dumont, 4:31.2.

High Jump — 1. Mary Ellen Rovell, Ridgewood, 5-0; 2. Kathy Duffy, Ridgewood, 4-10; 3. Beth Pringle, Ridgewood, 4-10; 4. Beth Pringle, Bergenfield, 4-10; 5. Maria Nordberg, Bergenfield, 4-8.

Long Jump — 1. Nancy Deneka, Bloomfield, 15-10¾; 2. Mary Ellen Rovell, Ridgewood, 15-6½; 3. Lisa Cosenza, Paramus, 15-3¼; 4. Beth Pringle, Bergenfield, 15-0; 5. Maria Nordberg, Bergenfield, 14-11.

BCSL American meet
BOYS
TEAM SCORES

Dumont 66, Tenafly 58, Teaneck 51, Englewood 56, Saddle Brook 50, Ridgefield Park 28, Fort Lee 22, Garfield 10, Cliffside Park 14, Lyndhurst 2, New Milford 0.

Pole Vault — 1. Pete Ramos, Dumont, 11-0.

100M — 1. Dumont 11.3; 2. Tenafly 11.4.

(continued from left)

Discus — 1. Ed Siccone, Dumont, 121-6.

Javelin — 1. Andy Solles, Dumont, 185-8.

Mile Relay — 1. Englewood, 3:31.9; 2. Tenafly, 3:33.4; 3. Dumont, 3:34.9.

Shot Put — 1. Tim Shockcraft, Saddle Brook, 49-11¼.
